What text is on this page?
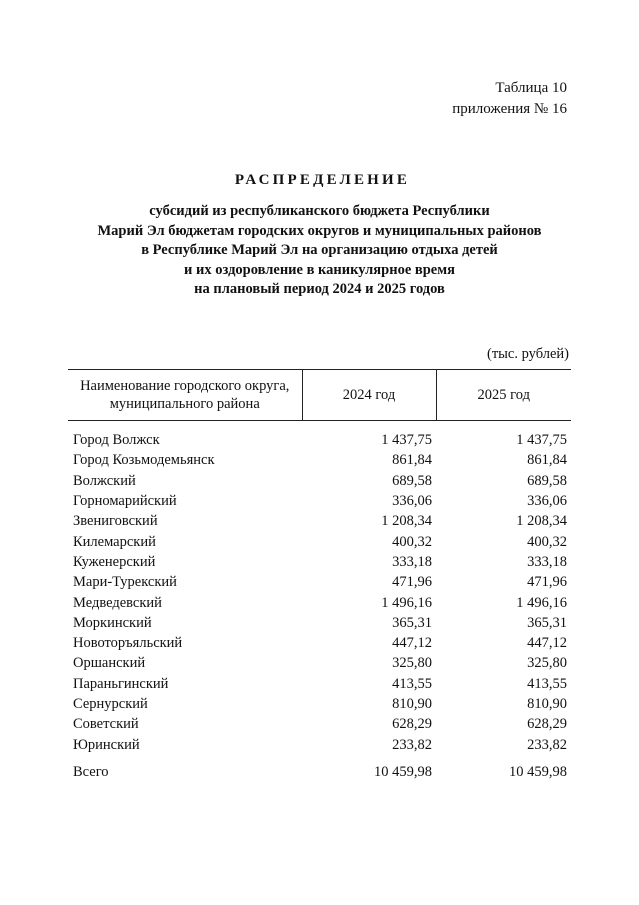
Таблица 10
приложения № 16
РАСПРЕДЕЛЕНИЕ
субсидий из республиканского бюджета Республики
Марий Эл бюджетам городских округов и муниципальных районов
в Республике Марий Эл на организацию отдыха детей
и их оздоровление в каникулярное время
на плановый период 2024 и 2025 годов
(тыс. рублей)
Наименование городского округа,
муниципального района	2024 год	2025 год

Город Волжск	1 437,75	1 437,75
Город Козьмодемьянск	861,84	861,84
Волжский	689,58	689,58
Горномарийский	336,06	336,06
Звениговский	1 208,34	1 208,34
Килемарский	400,32	400,32
Куженерский	333,18	333,18
Мари-Турекский	471,96	471,96
Медведевский	1 496,16	1 496,16
Моркинский	365,31	365,31
Новоторъяльский	447,12	447,12
Оршанский	325,80	325,80
Параньгинский	413,55	413,55
Сернурский	810,90	810,90
Советский	628,29	628,29
Юринский	233,82	233,82
Всего	10 459,98	10 459,98
